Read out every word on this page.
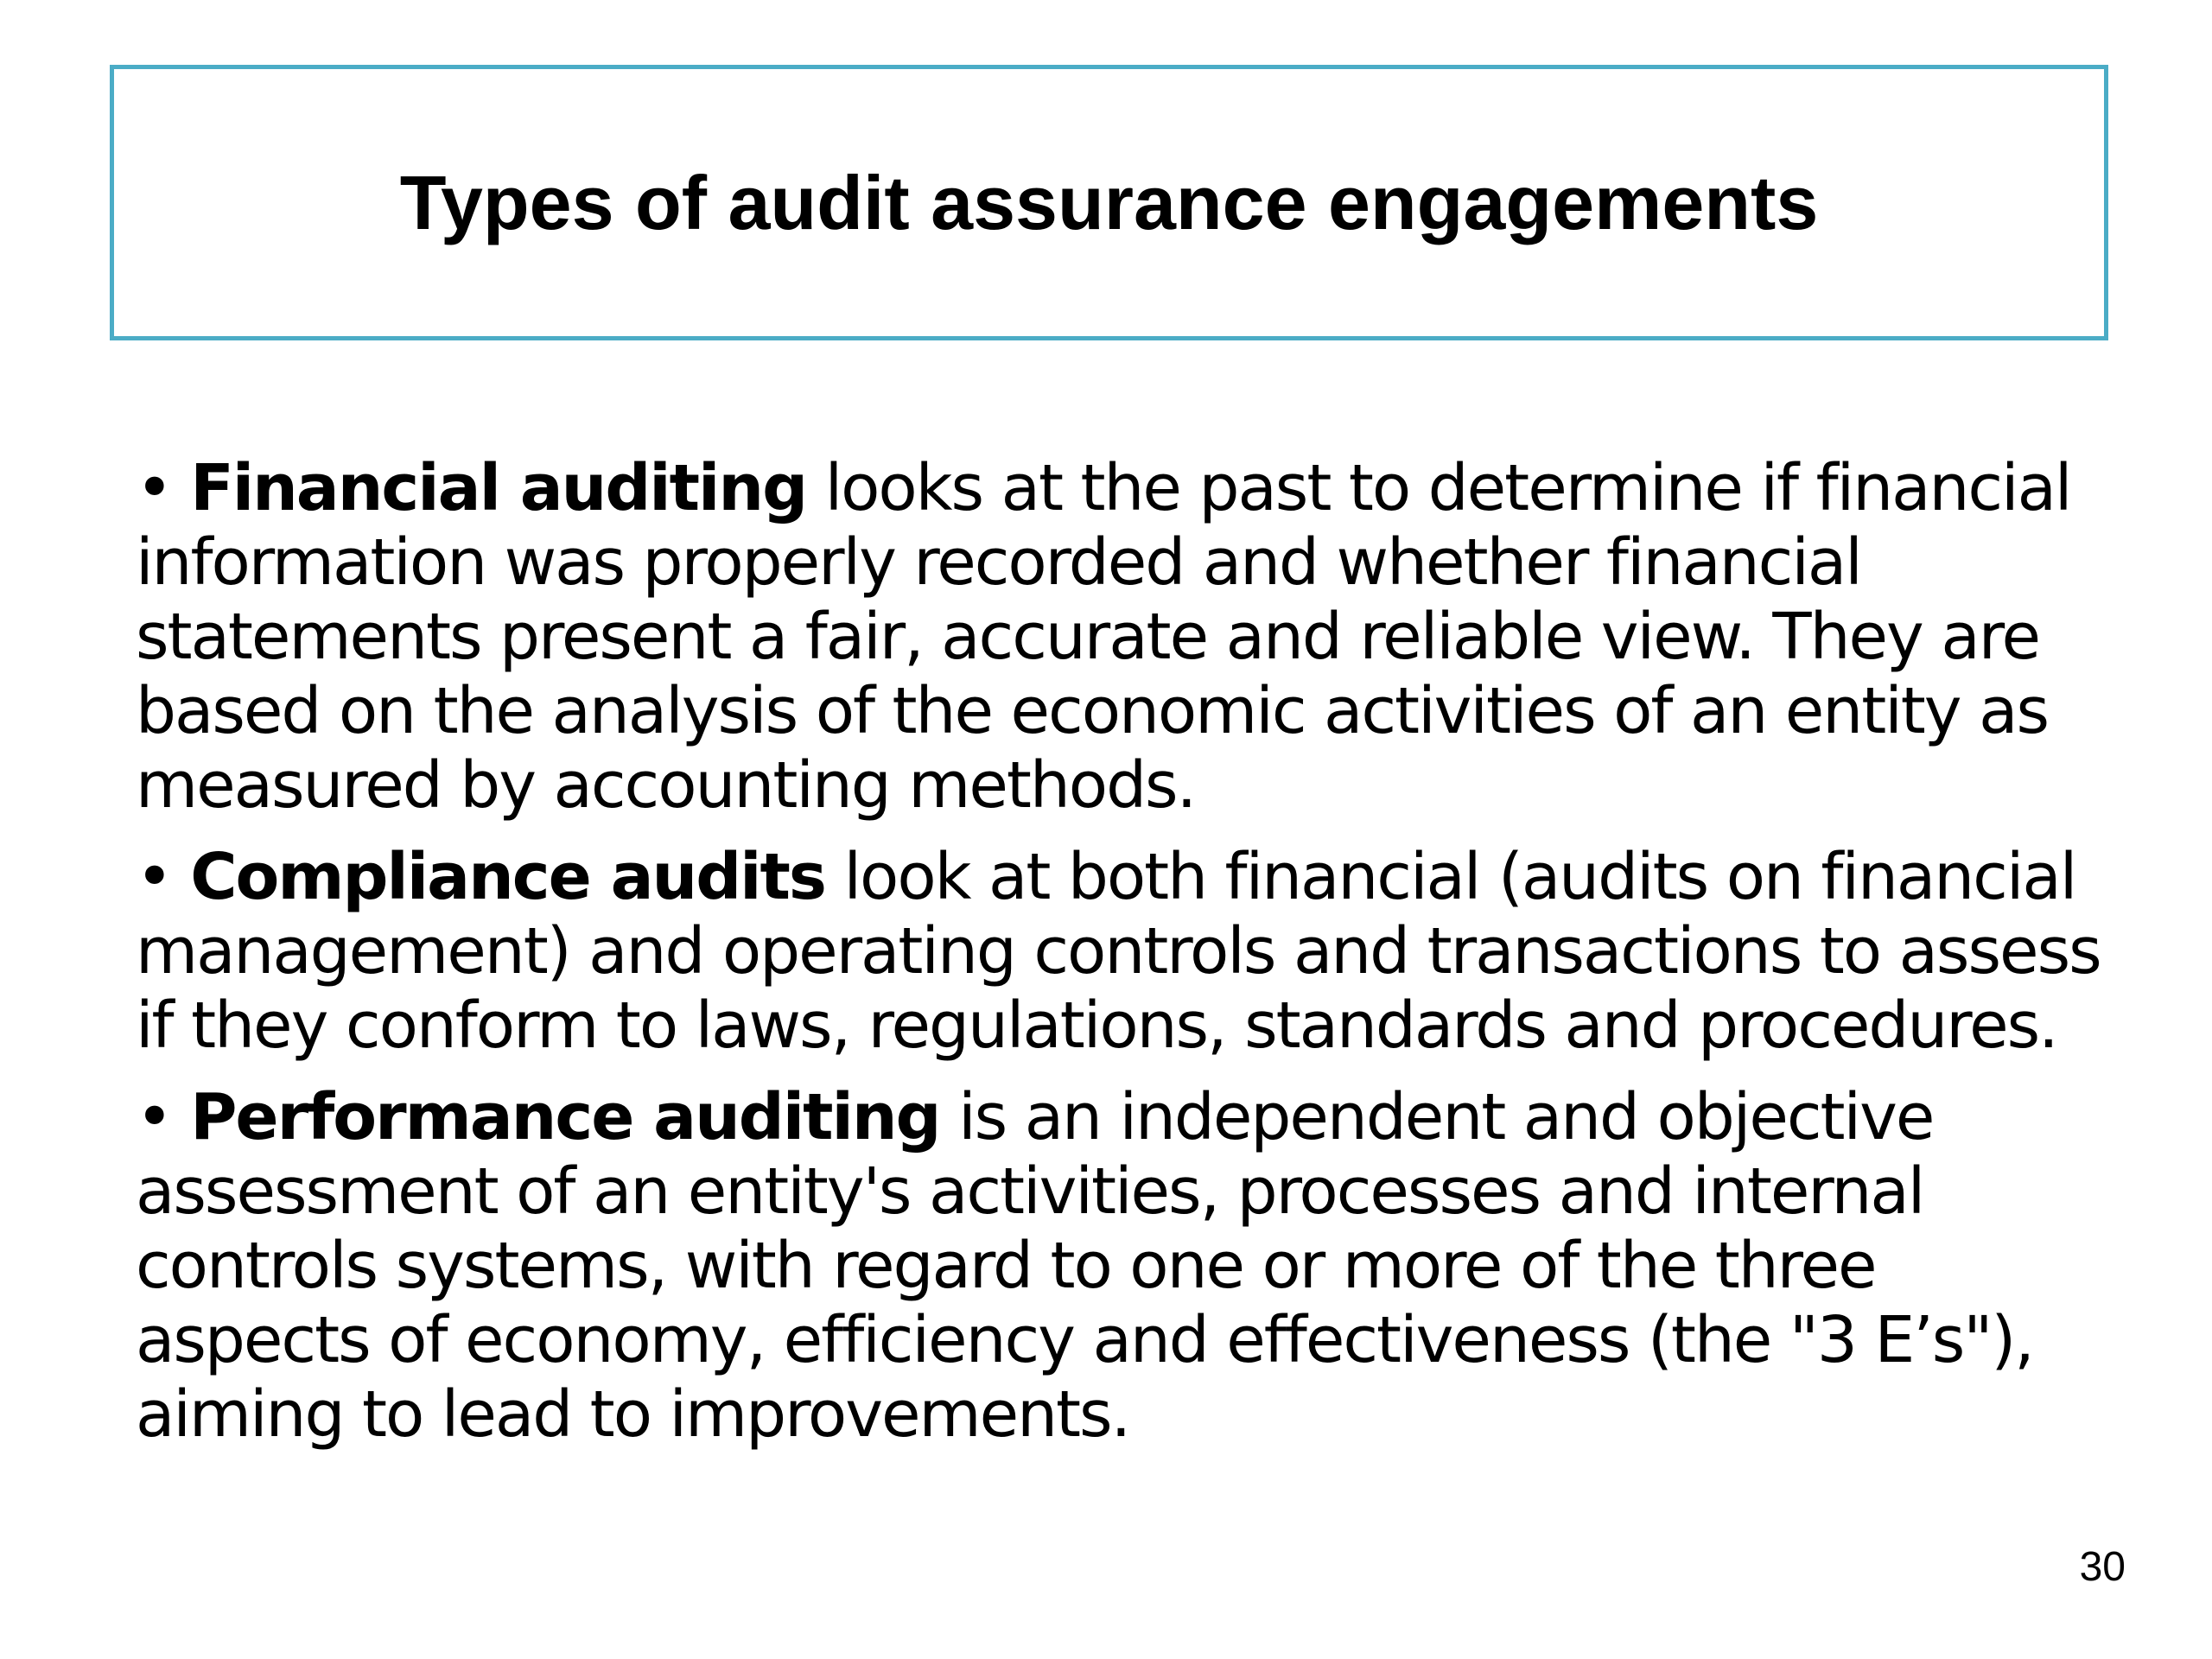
Types of audit assurance engagements

• Financial auditing looks at the past to determine if financial information was properly recorded and whether financial statements present a fair, accurate and reliable view. They are based on the analysis of the economic activities of an entity as measured by accounting methods.

• Compliance audits look at both financial (audits on financial management) and operating controls and transactions to assess if they conform to laws, regulations, standards and procedures.

• Performance auditing is an independent and objective assessment of an entity's activities, processes and internal controls systems, with regard to one or more of the three aspects of economy, efficiency and effectiveness (the "3 E’s"), aiming to lead to improvements.

30
